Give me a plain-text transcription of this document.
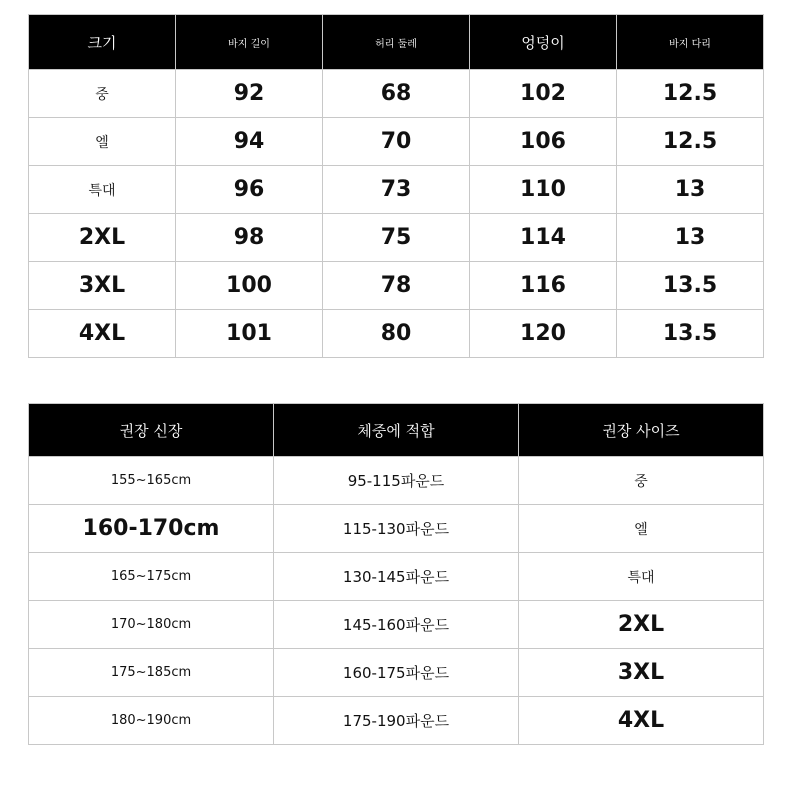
크기	바지 길이	허리 둘레	엉덩이	바지 다리
중	92	68	102	12.5
엘	94	70	106	12.5
특대	96	73	110	13
2XL	98	75	114	13
3XL	100	78	116	13.5
4XL	101	80	120	13.5
권장 신장	체중에 적합	권장 사이즈
155~165cm	95-115파운드	중
160-170cm	115-130파운드	엘
165~175cm	130-145파운드	특대
170~180cm	145-160파운드	2XL
175~185cm	160-175파운드	3XL
180~190cm	175-190파운드	4XL
